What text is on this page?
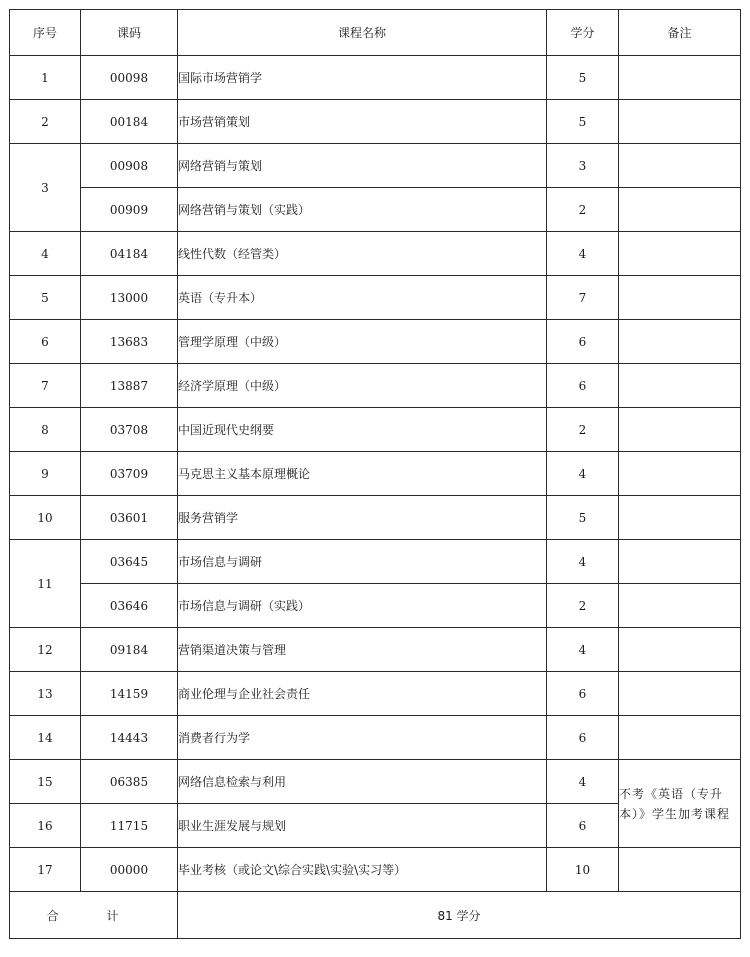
序号	课码	课程名称	学分	备注
1	00098	国际市场营销学	5	
2	00184	市场营销策划	5	
3	00908	网络营销与策划	3	
	00909	网络营销与策划（实践）	2	
4	04184	线性代数（经管类）	4	
5	13000	英语（专升本）	7	
6	13683	管理学原理（中级）	6	
7	13887	经济学原理（中级）	6	
8	03708	中国近现代史纲要	2	
9	03709	马克思主义基本原理概论	4	
10	03601	服务营销学	5	
11	03645	市场信息与调研	4	
	03646	市场信息与调研（实践）	2	
12	09184	营销渠道决策与管理	4	
13	14159	商业伦理与企业社会责任	6	
14	14443	消费者行为学	6	
15	06385	网络信息检索与利用	4	不考《英语（专升本）》学生加考课程
16	11715	职业生涯发展与规划	6	
17	00000	毕业考核（或论文\综合实践\实验\实习等）	10	
合 计		81 学分		
